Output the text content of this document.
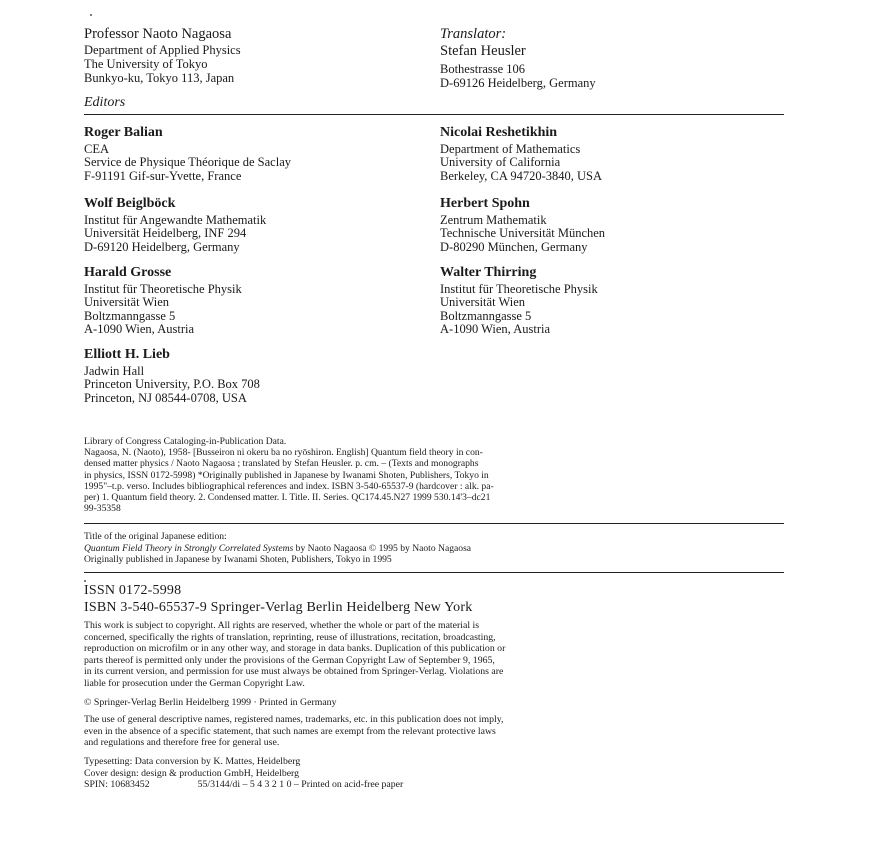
Professor Naoto Nagaosa
Department of Applied Physics
The University of Tokyo
Bunkyo-ku, Tokyo 113, Japan
Translator:
Stefan Heusler
Bothestrasse 106
D-69126 Heidelberg, Germany
Editors
Roger Balian
CEA
Service de Physique Théorique de Saclay
F-91191 Gif-sur-Yvette, France
Nicolai Reshetikhin
Department of Mathematics
University of California
Berkeley, CA 94720-3840, USA
Wolf Beiglböck
Institut für Angewandte Mathematik
Universität Heidelberg, INF 294
D-69120 Heidelberg, Germany
Herbert Spohn
Zentrum Mathematik
Technische Universität München
D-80290 München, Germany
Harald Grosse
Institut für Theoretische Physik
Universität Wien
Boltzmanngasse 5
A-1090 Wien, Austria
Walter Thirring
Institut für Theoretische Physik
Universität Wien
Boltzmanngasse 5
A-1090 Wien, Austria
Elliott H. Lieb
Jadwin Hall
Princeton University, P.O. Box 708
Princeton, NJ 08544-0708, USA
Library of Congress Cataloging-in-Publication Data.
Nagaosa, N. (Naoto), 1958- [Busseiron ni okeru ba no ryōshiron. English] Quantum field theory in con-
densed matter physics / Naoto Nagaosa ; translated by Stefan Heusler. p. cm. – (Texts and monographs
in physics, ISSN 0172-5998) *Originally published in Japanese by Iwanami Shoten, Publishers, Tokyo in
1995"–t.p. verso. Includes bibliographical references and index. ISBN 3-540-65537-9 (hardcover : alk. pa-
per) 1. Quantum field theory. 2. Condensed matter. I. Title. II. Series. QC174.45.N27 1999 530.14'3–dc21
99-35358
Title of the original Japanese edition:
Quantum Field Theory in Strongly Correlated Systems by Naoto Nagaosa © 1995 by Naoto Nagaosa
Originally published in Japanese by Iwanami Shoten, Publishers, Tokyo in 1995
ISSN 0172-5998
ISBN 3-540-65537-9 Springer-Verlag Berlin Heidelberg New York
This work is subject to copyright. All rights are reserved, whether the whole or part of the material is
concerned, specifically the rights of translation, reprinting, reuse of illustrations, recitation, broadcasting,
reproduction on microfilm or in any other way, and storage in data banks. Duplication of this publication or
parts thereof is permitted only under the provisions of the German Copyright Law of September 9, 1965,
in its current version, and permission for use must always be obtained from Springer-Verlag. Violations are
liable for prosecution under the German Copyright Law.
© Springer-Verlag Berlin Heidelberg 1999 · Printed in Germany
The use of general descriptive names, registered names, trademarks, etc. in this publication does not imply,
even in the absence of a specific statement, that such names are exempt from the relevant protective laws
and regulations and therefore free for general use.
Typesetting: Data conversion by K. Mattes, Heidelberg
Cover design: design & production GmbH, Heidelberg
SPIN: 10683452	55/3144/di – 5 4 3 2 1 0 – Printed on acid-free paper
